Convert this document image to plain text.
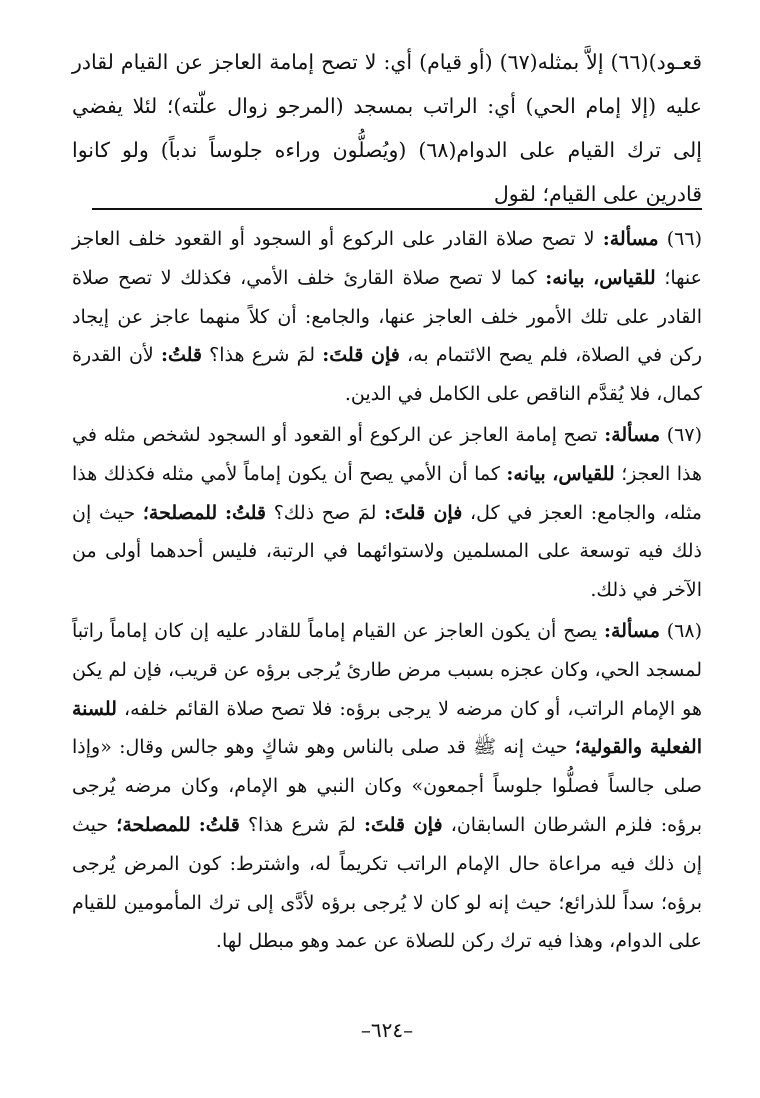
قعـود)(٦٦) إلاَّ بمثله(٦٧) (أو قيام) أي: لا تصح إمامة العاجز عن القيام لقادر عليه (إلا إمام الحي) أي: الراتب بمسجد (المرجو زوال علّته)؛ لئلا يفضي إلى ترك القيام على الدوام(٦٨) (ويُصلُّون وراءه جلوساً ندباً) ولو كانوا قادرين على القيام؛ لقول

(٦٦) مسألة: لا تصح صلاة القادر على الركوع أو السجود أو القعود خلف العاجز عنها؛ للقياس، بيانه: كما لا تصح صلاة القارئ خلف الأمي، فكذلك لا تصح صلاة القادر على تلك الأمور خلف العاجز عنها، والجامع: أن كلاً منهما عاجز عن إيجاد ركن في الصلاة، فلم يصح الائتمام به، فإن قلتَ: لمَ شرع هذا؟ قلتُ: لأن القدرة كمال، فلا يُقدَّم الناقص على الكامل في الدين.

(٦٧) مسألة: تصح إمامة العاجز عن الركوع أو القعود أو السجود لشخص مثله في هذا العجز؛ للقياس، بيانه: كما أن الأمي يصح أن يكون إماماً لأمي مثله فكذلك هذا مثله، والجامع: العجز في كل، فإن قلتَ: لمَ صح ذلك؟ قلتُ: للمصلحة؛ حيث إن ذلك فيه توسعة على المسلمين ولاستوائهما في الرتبة، فليس أحدهما أولى من الآخر في ذلك.

(٦٨) مسألة: يصح أن يكون العاجز عن القيام إماماً للقادر عليه إن كان إماماً راتباً لمسجد الحي، وكان عجزه بسبب مرض طارئ يُرجى برؤه عن قريب، فإن لم يكن هو الإمام الراتب، أو كان مرضه لا يرجى برؤه: فلا تصح صلاة القائم خلفه، للسنة الفعلية والقولية؛ حيث إنه ﷺ قد صلى بالناس وهو شاكٍ وهو جالس وقال: «وإذا صلى جالساً فصلُّوا جلوساً أجمعون» وكان النبي هو الإمام، وكان مرضه يُرجى برؤه: فلزم الشرطان السابقان، فإن قلتَ: لمَ شرع هذا؟ قلتُ: للمصلحة؛ حيث إن ذلك فيه مراعاة حال الإمام الراتب تكريماً له، واشترط: كون المرض يُرجى برؤه؛ سداً للذرائع؛ حيث إنه لو كان لا يُرجى برؤه لأدَّى إلى ترك المأمومين للقيام على الدوام، وهذا فيه ترك ركن للصلاة عن عمد وهو مبطل لها.

–٦٢٤–
